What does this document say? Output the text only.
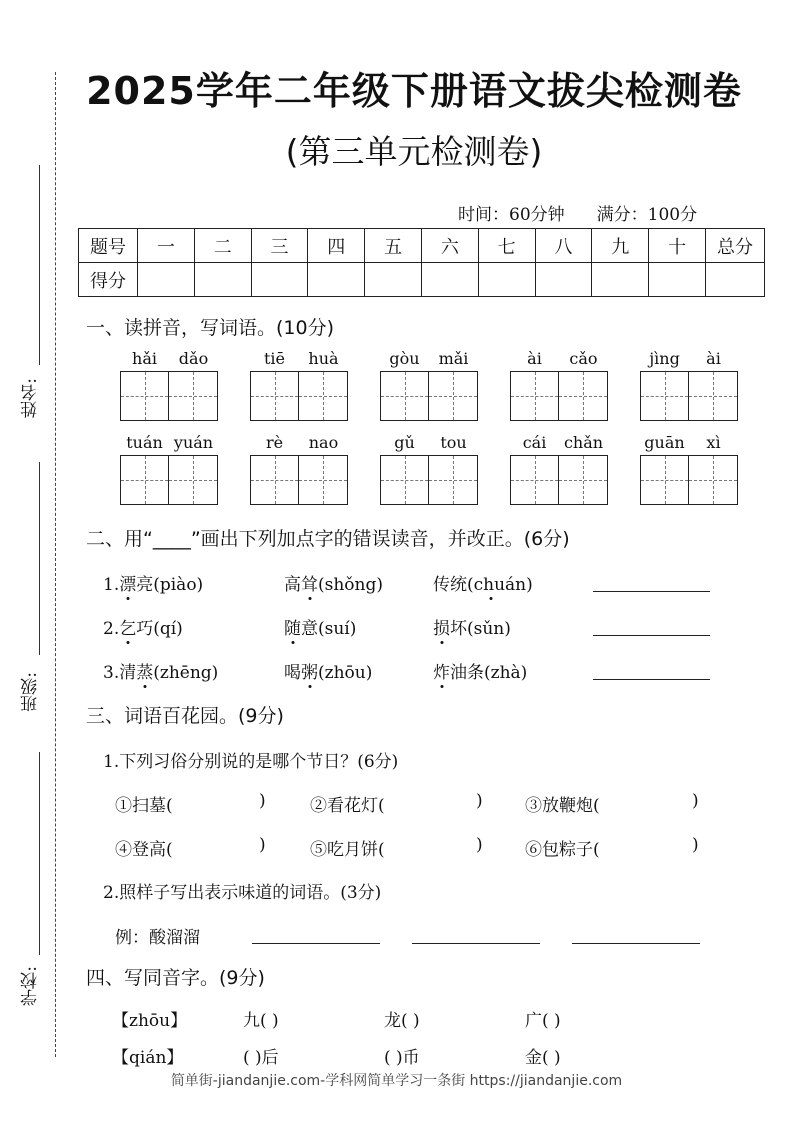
姓名:
班级:
学校:
2025学年二年级下册语文拔尖检测卷
(第三单元检测卷)
时间：60分钟 满分：100分
题号	一	二	三	四	五	六	七	八	九	十	总分
得分											
一、读拼音，写词语。(10分)
hǎi	dǎo	tiē	huà	gòu	mǎi	ài	cǎo	jìng	ài
tuán yuán	rè	nao	gǔ	tou	cái	chǎn	guān	xì
二、用“____”画出下列加点字的错误读音，并改正。(6分)
1.漂亮(piào)	高耸(shǒng)	传统(chuán)
2.乞巧(qí)	随意(suí)	损坏(sǔn)
3.清蒸(zhēng)	喝粥(zhōu)	炸油条(zhà)
三、词语百花园。(9分)
1.下列习俗分别说的是哪个节日？(6分)
①扫墓(	)	②看花灯(	) ③放鞭炮(	)
④登高(	)	⑤吃月饼(	) ⑥包粽子(	)
2.照样子写出表示味道的词语。(3分)
例：酸溜溜
四、写同音字。(9分)
【zhōu】	九( )	龙( )	广( )
【qián】	( )后	( )币	金( )
简单街-jiandanjie.com-学科网简单学习一条街 https://jiandanjie.com
